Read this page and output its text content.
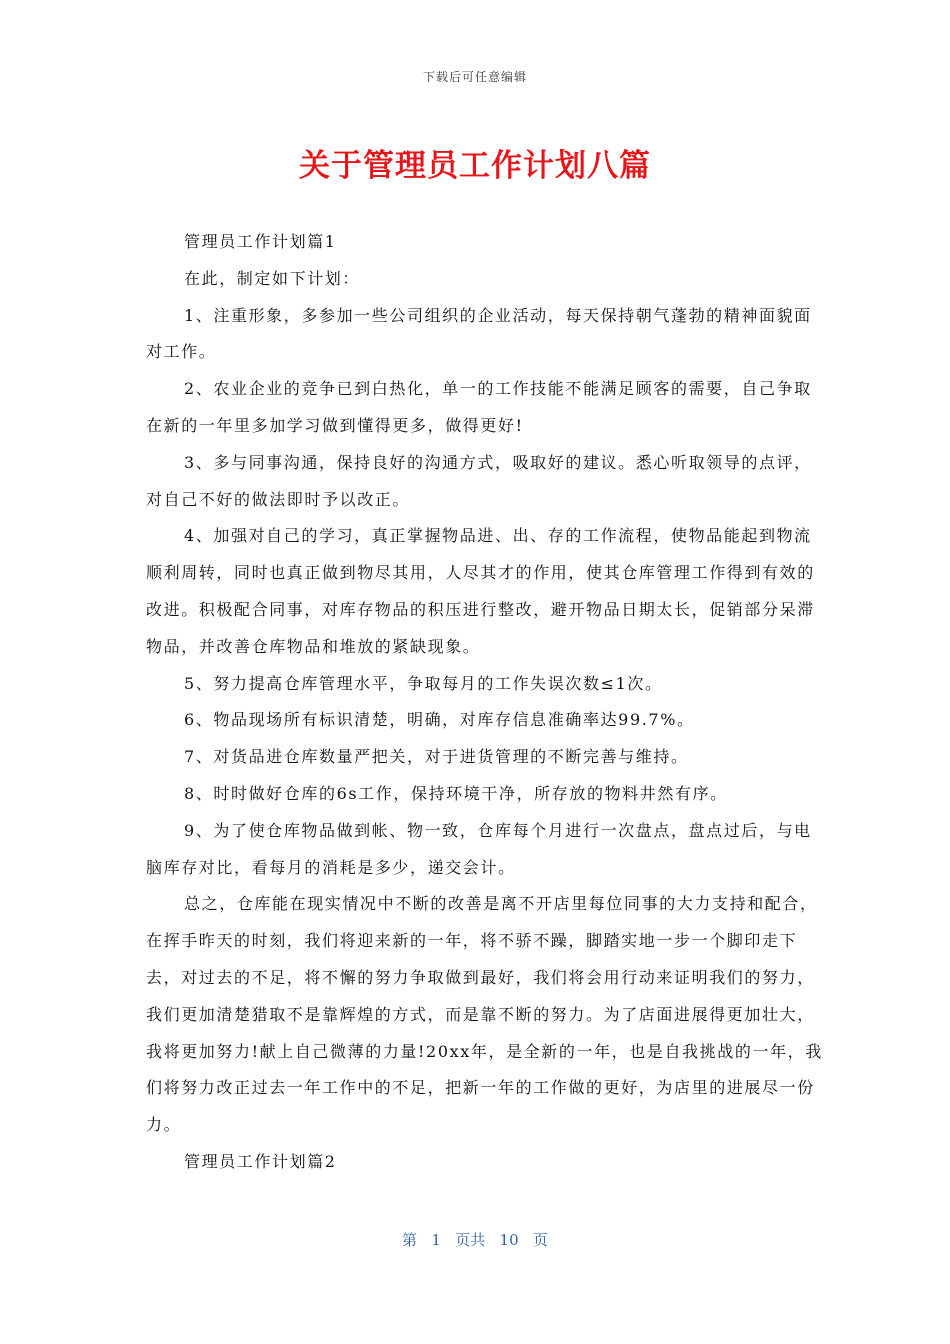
下载后可任意编辑
关于管理员工作计划八篇

管理员工作计划篇1

在此，制定如下计划：

1、注重形象，多参加一些公司组织的企业活动，每天保持朝气蓬勃的精神面貌面对工作。

2、农业企业的竞争已到白热化，单一的工作技能不能满足顾客的需要，自己争取在新的一年里多加学习做到懂得更多，做得更好!

3、多与同事沟通，保持良好的沟通方式，吸取好的建议。悉心听取领导的点评，对自己不好的做法即时予以改正。

4、加强对自己的学习，真正掌握物品进、出、存的工作流程，使物品能起到物流顺利周转，同时也真正做到物尽其用，人尽其才的作用，使其仓库管理工作得到有效的改进。积极配合同事，对库存物品的积压进行整改，避开物品日期太长，促销部分呆滞物品，并改善仓库物品和堆放的紧缺现象。

5、努力提高仓库管理水平，争取每月的工作失误次数≤1次。

6、物品现场所有标识清楚，明确，对库存信息准确率达99.7%。

7、对货品进仓库数量严把关，对于进货管理的不断完善与维持。

8、时时做好仓库的6s工作，保持环境干净，所存放的物料井然有序。

9、为了使仓库物品做到帐、物一致，仓库每个月进行一次盘点，盘点过后，与电脑库存对比，看每月的消耗是多少，递交会计。

总之，仓库能在现实情况中不断的改善是离不开店里每位同事的大力支持和配合，在挥手昨天的时刻，我们将迎来新的一年，将不骄不躁，脚踏实地一步一个脚印走下去，对过去的不足，将不懈的努力争取做到最好，我们将会用行动来证明我们的努力，我们更加清楚猎取不是靠辉煌的方式，而是靠不断的努力。为了店面进展得更加壮大，我将更加努力!献上自己微薄的力量!20xx年，是全新的一年，也是自我挑战的一年，我们将努力改正过去一年工作中的不足，把新一年的工作做的更好，为店里的进展尽一份力。

管理员工作计划篇2

第 1 页共 10 页
